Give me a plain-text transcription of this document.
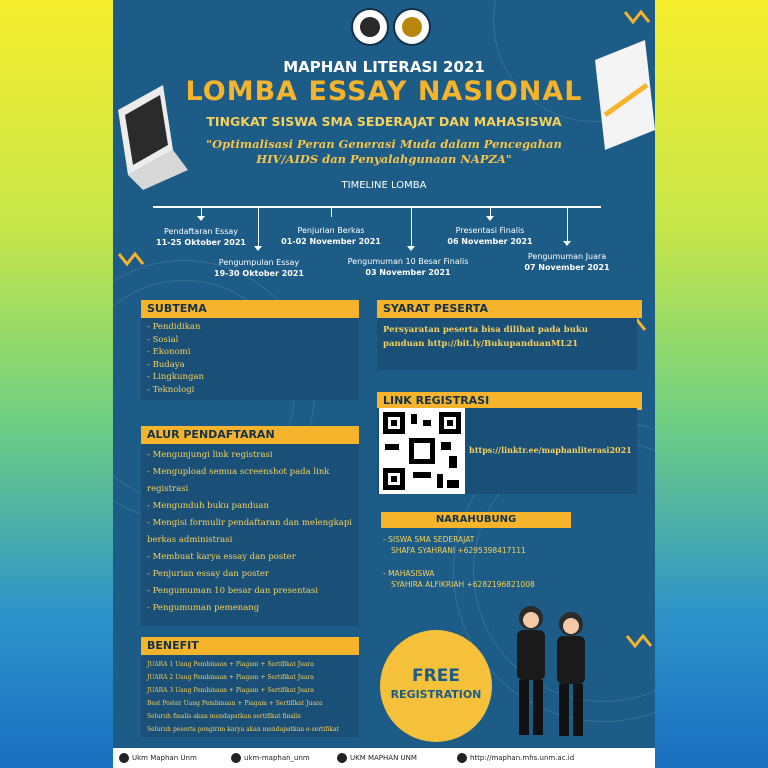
MAPHAN LITERASI 2021
LOMBA ESSAY NASIONAL
TINGKAT SISWA SMA SEDERAJAT DAN MAHASISWA
"Optimalisasi Peran Generasi Muda dalam Pencegahan
HIV/AIDS dan Penyalahgunaan NAPZA"
TIMELINE LOMBA
Pendaftaran Essay
11-25 Oktober 2021
Pengumpulan Essay
19-30 Oktober 2021
Penjurian Berkas
01-02 November 2021
Pengumuman 10 Besar Finalis
03 November 2021
Presentasi Finalis
06 November 2021
Pengumuman Juara
07 November 2021
SUBTEMA
- Pendidikan
- Sosial
- Ekonomi
- Budaya
- Lingkungan
- Teknologi
SYARAT PESERTA
Persyaratan peserta bisa dilihat pada buku panduan http://bit.ly/BukupanduanML21
LINK REGISTRASI
https://linktr.ee/maphanliterasi2021
ALUR PENDAFTARAN
- Mengunjungi link registrasi
- Mengupload semua screenshot pada link registrasi
- Mengunduh buku panduan
- Mengisi formulir pendaftaran dan melengkapi berkas administrasi
- Membuat karya essay dan poster
- Penjurian essay dan poster
- Pengumuman 10 besar dan presentasi
- Pengumuman pemenang
NARAHUBUNG
- SISWA SMA SEDERAJAT
SHAFA SYAHRANI +6295398417111
- MAHASISWA
SYAHIRA ALFIKRIAH +6282196821008
BENEFIT
JUARA 1 Uang Pembinaan + Piagam + Sertifikat Juara
JUARA 2 Uang Pembinaan + Piagam + Sertifikat Juara
JUARA 3 Uang Pembinaan + Piagam + Sertifikat Juara
Best Poster Uang Pembinaan + Piagam + Sertifikat Juara
Seluruh finalis akan mendapatkan sertifikat finalis
Seluruh peserta pengirim karya akan mendapatkan e-sertifikat
FREE
REGISTRATION
Ukm Maphan Unm	ukm-maphan_unm	UKM MAPHAN UNM	http://maphan.mhs.unm.ac.id
